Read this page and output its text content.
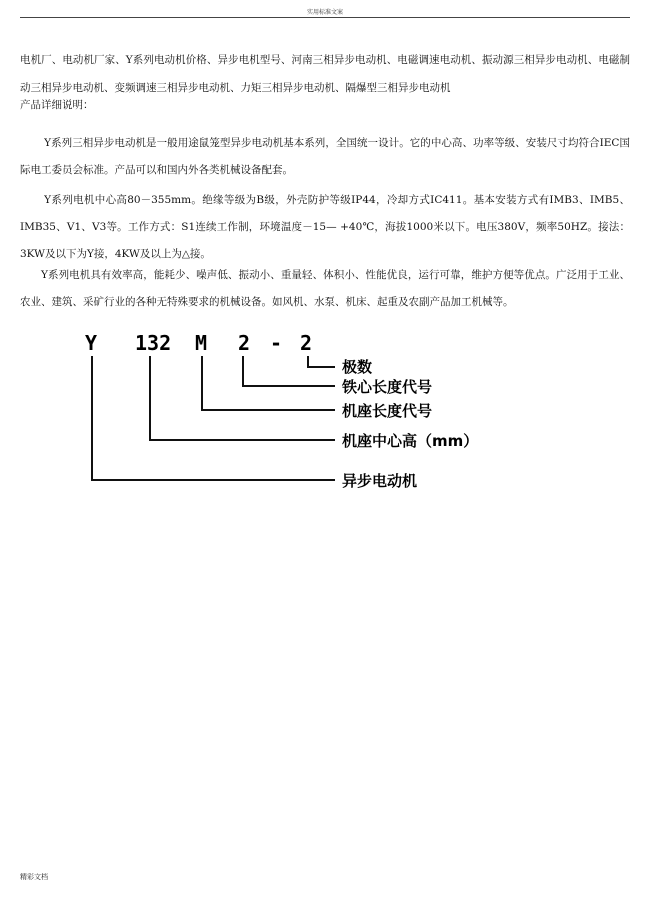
实用标准文案

电机厂、电动机厂家、Y系列电动机价格、异步电机型号、河南三相异步电动机、电磁调速电动机、振动源三相异步电动机、电磁制动三相异步电动机、变频调速三相异步电动机、力矩三相异步电动机、隔爆型三相异步电动机

产品详细说明：

Y系列三相异步电动机是一般用途鼠笼型异步电动机基本系列，全国统一设计。它的中心高、功率等级、安装尺寸均符合IEC国际电工委员会标准。产品可以和国内外各类机械设备配套。

Y系列电机中心高80－355mm。绝缘等级为B级，外壳防护等级IP44，冷却方式IC411。基本安装方式有IMB3、IMB5、IMB35、V1、V3等。工作方式：S1连续工作制，环境温度－15— +40℃，海拔1000米以下。电压380V，频率50HZ。接法：3KW及以下为Y接，4KW及以上为△接。

Y系列电机具有效率高，能耗少、噪声低、振动小、重量轻、体积小、性能优良，运行可靠，维护方便等优点。广泛用于工业、农业、建筑、采矿行业的各种无特殊要求的机械设备。如风机、水泵、机床、起重及农副产品加工机械等。

Y 132 M 2 - 2
极数
铁心长度代号
机座长度代号
机座中心高（mm）
异步电动机
精彩文档
